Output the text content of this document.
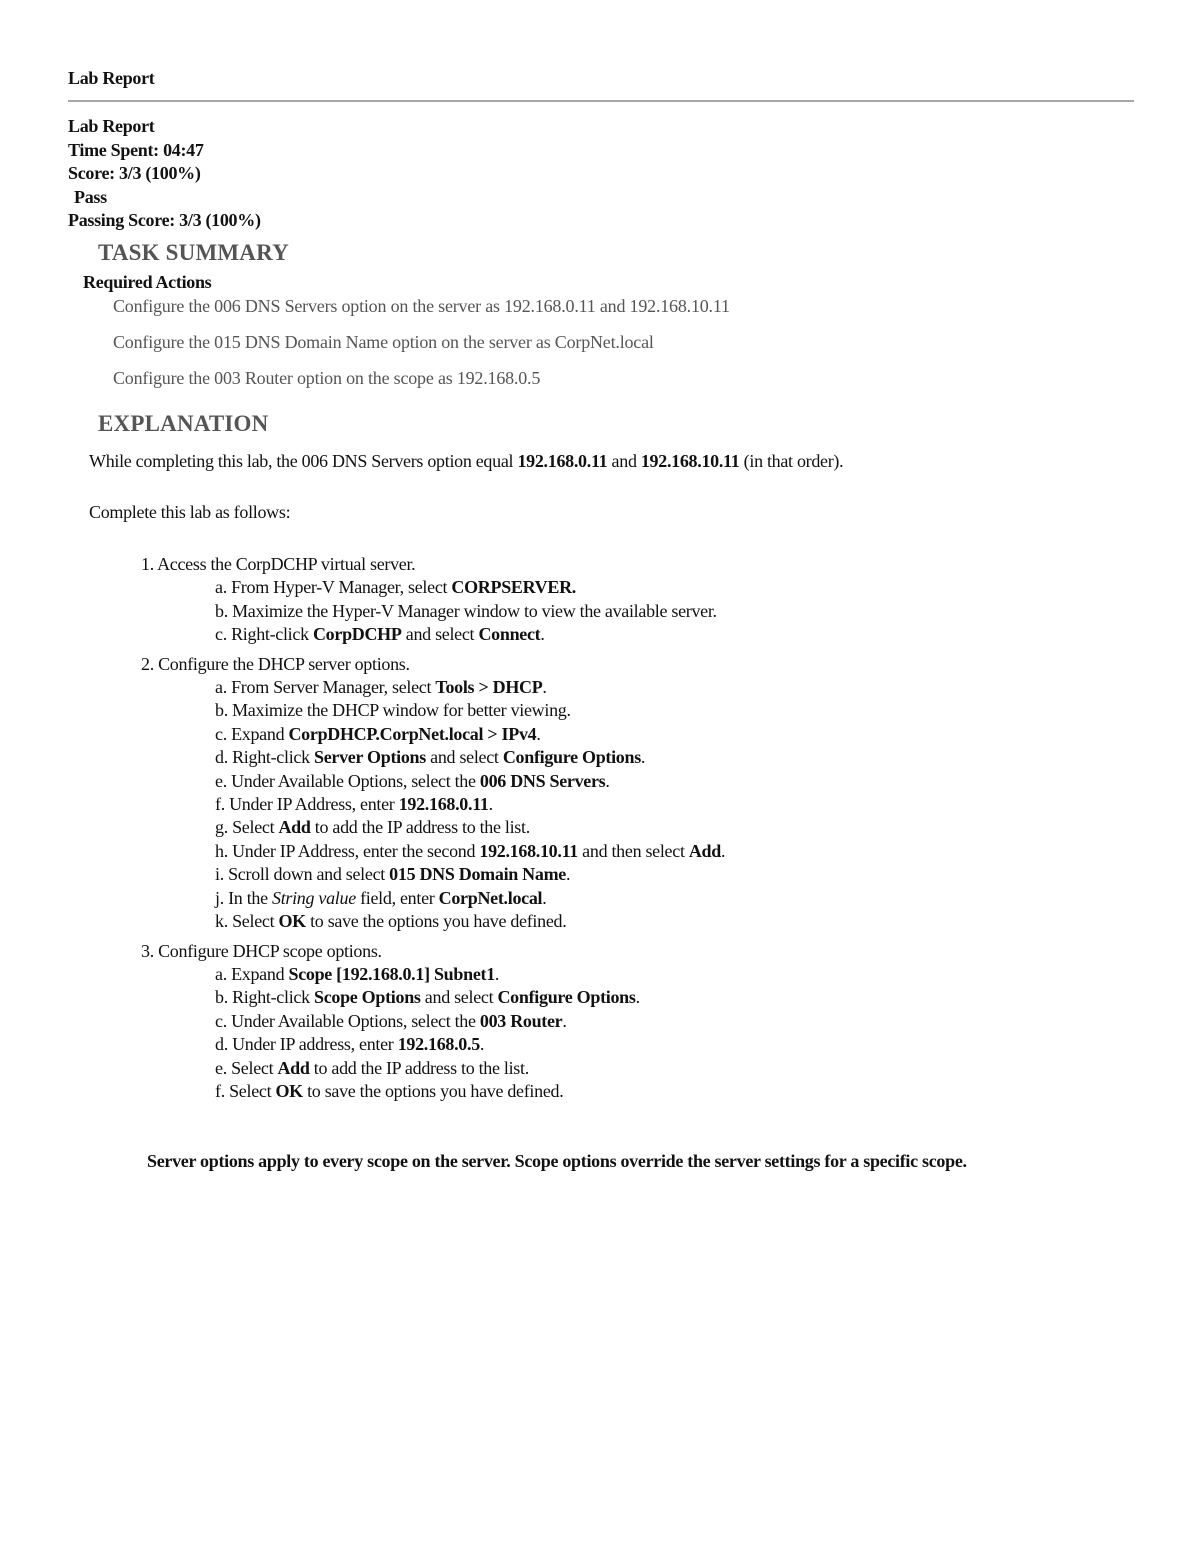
Lab Report
Lab Report
Time Spent: 04:47
Score: 3/3 (100%)
Pass
Passing Score: 3/3 (100%)
TASK SUMMARY
Required Actions
Configure the 006 DNS Servers option on the server as 192.168.0.11 and 192.168.10.11
Configure the 015 DNS Domain Name option on the server as CorpNet.local
Configure the 003 Router option on the scope as 192.168.0.5
EXPLANATION
While completing this lab, the 006 DNS Servers option equal 192.168.0.11 and 192.168.10.11 (in that order).
Complete this lab as follows:
1. Access the CorpDCHP virtual server.
a. From Hyper-V Manager, select CORPSERVER.
b. Maximize the Hyper-V Manager window to view the available server.
c. Right-click CorpDCHP and select Connect.
2. Configure the DHCP server options.
a. From Server Manager, select Tools > DHCP.
b. Maximize the DHCP window for better viewing.
c. Expand CorpDHCP.CorpNet.local > IPv4.
d. Right-click Server Options and select Configure Options.
e. Under Available Options, select the 006 DNS Servers.
f. Under IP Address, enter 192.168.0.11.
g. Select Add to add the IP address to the list.
h. Under IP Address, enter the second 192.168.10.11 and then select Add.
i. Scroll down and select 015 DNS Domain Name.
j. In the String value field, enter CorpNet.local.
k. Select OK to save the options you have defined.
3. Configure DHCP scope options.
a. Expand Scope [192.168.0.1] Subnet1.
b. Right-click Scope Options and select Configure Options.
c. Under Available Options, select the 003 Router.
d. Under IP address, enter 192.168.0.5.
e. Select Add to add the IP address to the list.
f. Select OK to save the options you have defined.
Server options apply to every scope on the server. Scope options override the server settings for a specific scope.
